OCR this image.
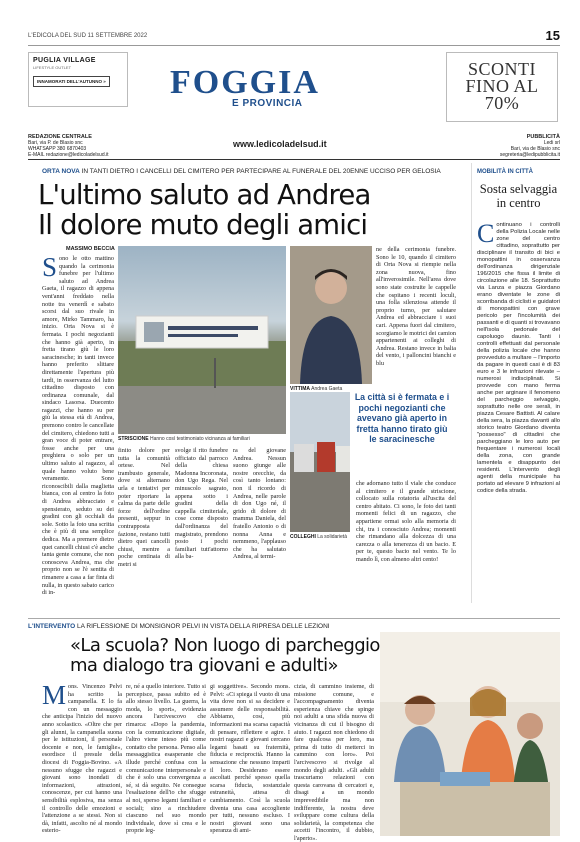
L'EDICOLA DEL SUD 11 SETTEMBRE 2022	15
PUGLIA VILLAGE
LIFESTYLE OUTLET
INNAMORATI DELL'AUTUNNO »
SCONTI
FINO AL 70%
FOGGIA
E PROVINCIA
REDAZIONE CENTRALE
Bari, via P. de Blasio snc
WHATSAPP 380 6870403
E-MAIL redazione@ledicoladelsud.it
www.ledicoladelsud.it
PUBBLICITÀ
Ledi srl
Bari, via de Blasio snc
segreteria@ledipubblicita.it
ORTA NOVA IN TANTI DIETRO I CANCELLI DEL CIMITERO PER PARTECIPARE AL FUNERALE DEL 20ENNE UCCISO PER GELOSIA
L'ultimo saluto ad Andrea
Il dolore muto degli amici
MASSIMO BECCIA
S ono le otto mattino quando la cerimonia funebre per l'ultimo saluto ad Andrea Gaeta, il ragazzo di appena vent'anni freddato nella notte tra venerdì e sabato scorsi dal suo rivale in amore, Mirko Tammaro, ha inizio. Orta Nova si è fermata. I pochi negozianti che hanno già aperto, in fretta tirano giù le loro saracinesche; in tanti invece hanno preferito slittare direttamente l'apertura più tardi, in osservanza del lutto cittadino disposto con ordinanza comunale, dal sindaco Lasorsa. Duecento ragazzi, che hanno su per giù la stessa età di Andrea, premono contro le cancellate del cimitero, chiedono tutti a gran voce di poter entrare, fosse anche per una preghiera o solo per un ultimo saluto al ragazzo, al quale hanno voluto bene veramente. Sono riconoscibili dalla maglietta bianca, con al centro la foto di Andrea abbracciato e spensierato, seduto su dei gradini con gli occhiali da sole. Sotto la foto una scritta che è più di una semplice dedica. Ma a premere dietro quei cancelli chiusi c'è anche tanta gente comune, che non conosceva Andrea, ma che proprio non se l'è sentita di rimanere a casa a far finta di nulla, in questo sabato carico di in-
STRISCIONE Hanno così testimoniato vicinanza ai familiari
VITTIMA Andrea Gaeta
La città si è fermata e i pochi negozianti che avevano già aperto in fretta hanno tirato giù le saracinesche
COLLEGHI La solidarietà
finito dolore per tutta la comunità ortese. Nel trambusto generale, dove si alternano urla e tentativi per poter riportare la calma da parte delle forze dell'ordine presenti, seppur in contrapposta fazione, restano tutti dietro quei cancelli chiusi, mentre a poche centinaia di metri si
svolge il rito funebre officiato dal parroco della chiesa Madonna Incoronata, don Ugo Rega. Nel minuscolo sagrato, appena sotto i gradini della cappella cimiteriale, cose come disposto dall'ordinanza del magistrato, prendono posto i pochi familiari tutt'attorno alla ba-
ra del giovane Andrea. Nessun suono giunge alle nostre orecchie, da così tanto lontano: non il ricordo di Andrea, nelle parole di don Ugo né, il grido di dolore di mamma Daniela, del fratello Antonio o di nonna Anna e nemmeno, l'applauso che ha salutato Andrea, al termi-
ne della cerimonia funebre. Sono le 10, quando il cimitero di Orta Nova si riempie nella zona nuova, fino all'inverosimile. Nell'area dove sono state costruite le cappelle che ospitano i recenti loculi, una folla silenziosa attende il proprio turno, per salutare Andrea ed abbracciare i suoi cari. Appena fuori dal cimitero, scorgiamo le motrici dei camion appartenenti ai colleghi di Andrea. Restano invece in balia del vento, i palloncini bianchi e blu
che adornano tutto il viale che conduce al cimitero e il grande striscione, collocato sulla rotatoria all'uscita del centro abitato. Ci sono, le foto dei tanti momenti felici di un ragazzo, che appartiene ormai solo alla memoria di chi, tra i conosciuto Andrea; momenti che rimandano alla dolcezza di una carezza o alla tenerezza di un bacio. E per te, questo bacio nel vento. Te lo mando lì, con almeno altri cento!
MOBILITÀ IN CITTÀ
Sosta selvaggia in centro
C ontinuano i controlli della Polizia Locale nelle zone del centro cittadino, soprattutto per disciplinare il transito di bici e monopattini in osservanza dell'ordinanza dirigenziale 196/2015 che fissa il limite di circolazione alle 18. Soprattutto via Lanza e piazza Giordano erano diventate le zone di scorribanda di ciclisti e guidatori di monopattini con grave pericolo per l'incolumità dei passanti e di quanti si trovavano nell'isola pedonale del capoluogo daunio. Tanti i controlli effettuati dal personale della polizia locale che hanno provveduto a multare – l'importo da pagare in questi casi è di 83 euro e 3 le infrazioni rilevate – numerosi indisciplinati. Si provvede con mano ferma anche per arginare il fenomeno del parcheggio selvaggio, soprattutto nelle ore serali, in piazza Cesare Battisti. Al calare della sera, la piazza davanti allo storico teatro Giordano diventa "possesso" di cittadini che parcheggiano le loro auto per frequentare i numerosi locali della zona, con grande lamentela e disappunto dei residenti. L'intervento degli agenti della municipale ha portato ad elevare 9 infrazioni al codice della strada.
L'INTERVENTO LA RIFLESSIONE DI MONSIGNOR PELVI IN VISTA DELLA RIPRESA DELLE LEZIONI
«La scuola? Non luogo di parcheggio
ma dialogo tra giovani e adulti»
M ons. Vincenzo Pelvi ha scritto la campanella. E lo fa con un messaggio che anticipa l'inizio del nuovo anno scolastico. «Oltre che per gli alunni, la campanella suona per le istituzioni, il personale docente e non, le famiglie», esordisce il presule della diocesi di Foggia-Bovino. «A nessuno sfugge che ragazzi e giovani sono inondati di informazioni, attrazioni, conoscenze, per cui hanno una sensibilità esplosiva, ma senza il controllo delle emozioni e l'attenzione a se stessi. Non si dà, infatti, ascolto né al mondo esterio-
re, né a quello interiore. Tutto si percepisce, passa subito ed è allo stesso livello. La guerra, la moda, lo sport», evidenzia ancora l'arcivescovo che rimarca: «Dopo la pandemia, con la comunicazione digitale, l'altro viene inteso più come contatto che persona. Penso alla messaggistica esasperante che illude perché confusa con la comunicazione interpersonale e che è solo una convergenza a sé, si dà seguito. Ne consegue l'esaltazione dell'io che sfugge al noi, sperso legami familiari e sociali; sino a rinchiudere ciascuno nel suo mondo individuale, dove sì crea e le proprie leg-
gi soggettive». Secondo mons. Pelvi: «Ci spiega il vuoto di una vita dove non si sa decidere e assumere delle responsabilità. Abbiamo, così, più informazioni ma scarsa capacità di pensare, riflettere e agire. I nostri ragazzi e giovani cercano legami basati su fraternità, fiducia e reciprocità. Hanno la sensazione che nessuno imparti il loro. Desiderano essere ascoltati perché spesso quella scarsa fiducia, sostanziale estraneità, attesa di cambiamento. Così la scuola diventa una casa accogliente per tutti, nessuno escluso. I nostri giovani sono una speranza di ami-
cizia, di cammino insieme, di missione comune, e l'accompagnamento diventa esperienza chiave che spinge noi adulti a una sfida nuova di vicinanza di cui il bisogno di aiuto. I ragazzi non chiedono di fare qualcosa per loro, ma prima di tutto di metterci in cammino con loro». Poi l'arcivescovo si rivolge al mondo degli adulti. «Gli adulti trascuriamo relazioni con questa carovana di cercatori e, disagi a un mondo imprevedibile ma non indifferente, la nostra deve sviluppare come cultura della solidarietà, la competenza che accetti l'incontro, il dubbio, l'aperto».
